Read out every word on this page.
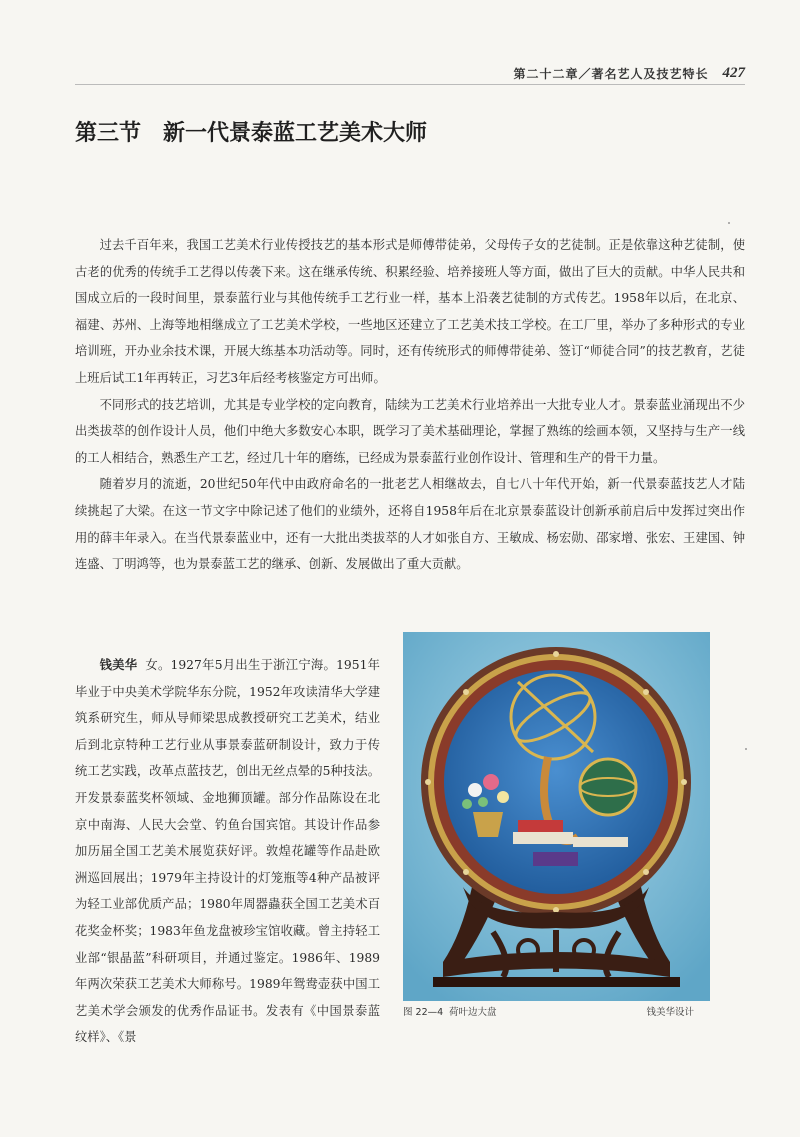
第二十二章／著名艺人及技艺特长 427
第三节 新一代景泰蓝工艺美术大师

过去千百年来，我国工艺美术行业传授技艺的基本形式是师傅带徒弟，父母传子女的艺徒制。正是依靠这种艺徒制，使古老的优秀的传统手工艺得以传袭下来。这在继承传统、积累经验、培养接班人等方面，做出了巨大的贡献。中华人民共和国成立后的一段时间里，景泰蓝行业与其他传统手工艺行业一样，基本上沿袭艺徒制的方式传艺。1958年以后，在北京、福建、苏州、上海等地相继成立了工艺美术学校，一些地区还建立了工艺美术技工学校。在工厂里，举办了多种形式的专业培训班，开办业余技术课，开展大练基本功活动等。同时，还有传统形式的师傅带徒弟、签订“师徒合同”的技艺教育，艺徒上班后试工1年再转正，习艺3年后经考核鉴定方可出师。

不同形式的技艺培训，尤其是专业学校的定向教育，陆续为工艺美术行业培养出一大批专业人才。景泰蓝业涌现出不少出类拔萃的创作设计人员，他们中绝大多数安心本职，既学习了美术基础理论，掌握了熟练的绘画本领，又坚持与生产一线的工人相结合，熟悉生产工艺，经过几十年的磨练，已经成为景泰蓝行业创作设计、管理和生产的骨干力量。

随着岁月的流逝，20世纪50年代中由政府命名的一批老艺人相继故去，自七八十年代开始，新一代景泰蓝技艺人才陆续挑起了大梁。在这一节文字中除记述了他们的业绩外，还将自1958年后在北京景泰蓝设计创新承前启后中发挥过突出作用的薛丰年录入。在当代景泰蓝业中，还有一大批出类拔萃的人才如张自方、王敏成、杨宏勋、邵家增、张宏、王建国、钟连盛、丁明鸿等，也为景泰蓝工艺的继承、创新、发展做出了重大贡献。

钱美华 女。1927年5月出生于浙江宁海。1951年毕业于中央美术学院华东分院，1952年攻读清华大学建筑系研究生，师从导师梁思成教授研究工艺美术，结业后到北京特种工艺行业从事景泰蓝研制设计，致力于传统工艺实践，改革点蓝技艺，创出无丝点晕的5种技法。开发景泰蓝奖杯领域、金地狮顶罐。部分作品陈设在北京中南海、人民大会堂、钓鱼台国宾馆。其设计作品参加历届全国工艺美术展览获好评。敦煌花罐等作品赴欧洲巡回展出；1979年主持设计的灯笼瓶等4种产品被评为轻工业部优质产品；1980年周器蟲获全国工艺美术百花奖金杯奖；1983年鱼龙盘被珍宝馆收藏。曾主持轻工业部“银晶蓝”科研项目，并通过鉴定。1986年、1989年两次荣获工艺美术大师称号。1989年鸳鸯壶获中国工艺美术学会颁发的优秀作品证书。发表有《中国景泰蓝纹样》、《景

图 22—4 荷叶边大盘	钱美华设计
